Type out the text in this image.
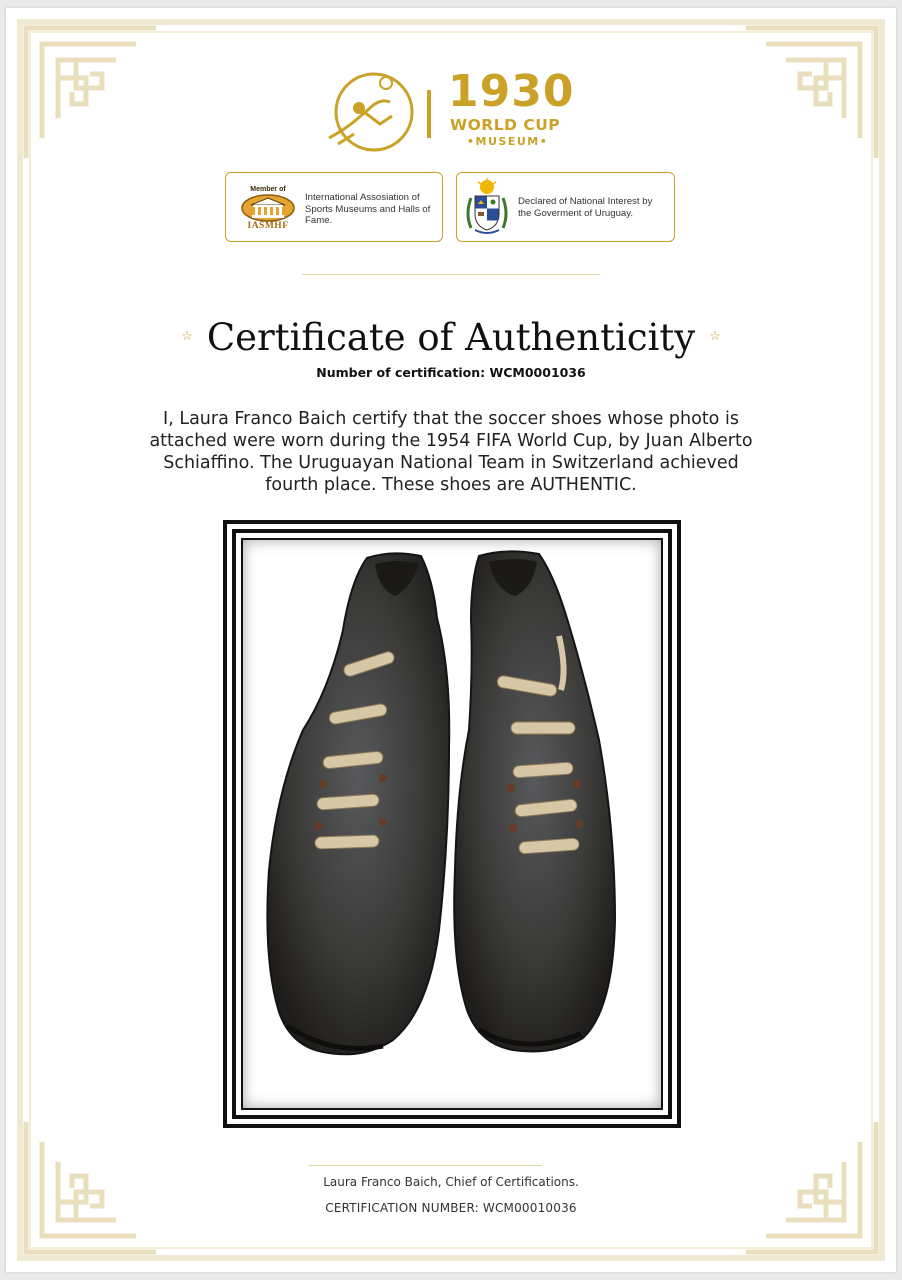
1930
WORLD CUP
•MUSEUM•
Member of
IASMHF
International Assosiation of Sports Museums and Halls of Fame.
Declared of National Interest by the Goverment of Uruguay.
☆ Certificate of Authenticity ☆
Number of certification: WCM0001036
I, Laura Franco Baich certify that the soccer shoes whose photo is attached were worn during the 1954 FIFA World Cup, by Juan Alberto Schiaffino. The Uruguayan National Team in Switzerland achieved fourth place. These shoes are AUTHENTIC.
Laura Franco Baich, Chief of Certifications.
CERTIFICATION NUMBER: WCM00010036
